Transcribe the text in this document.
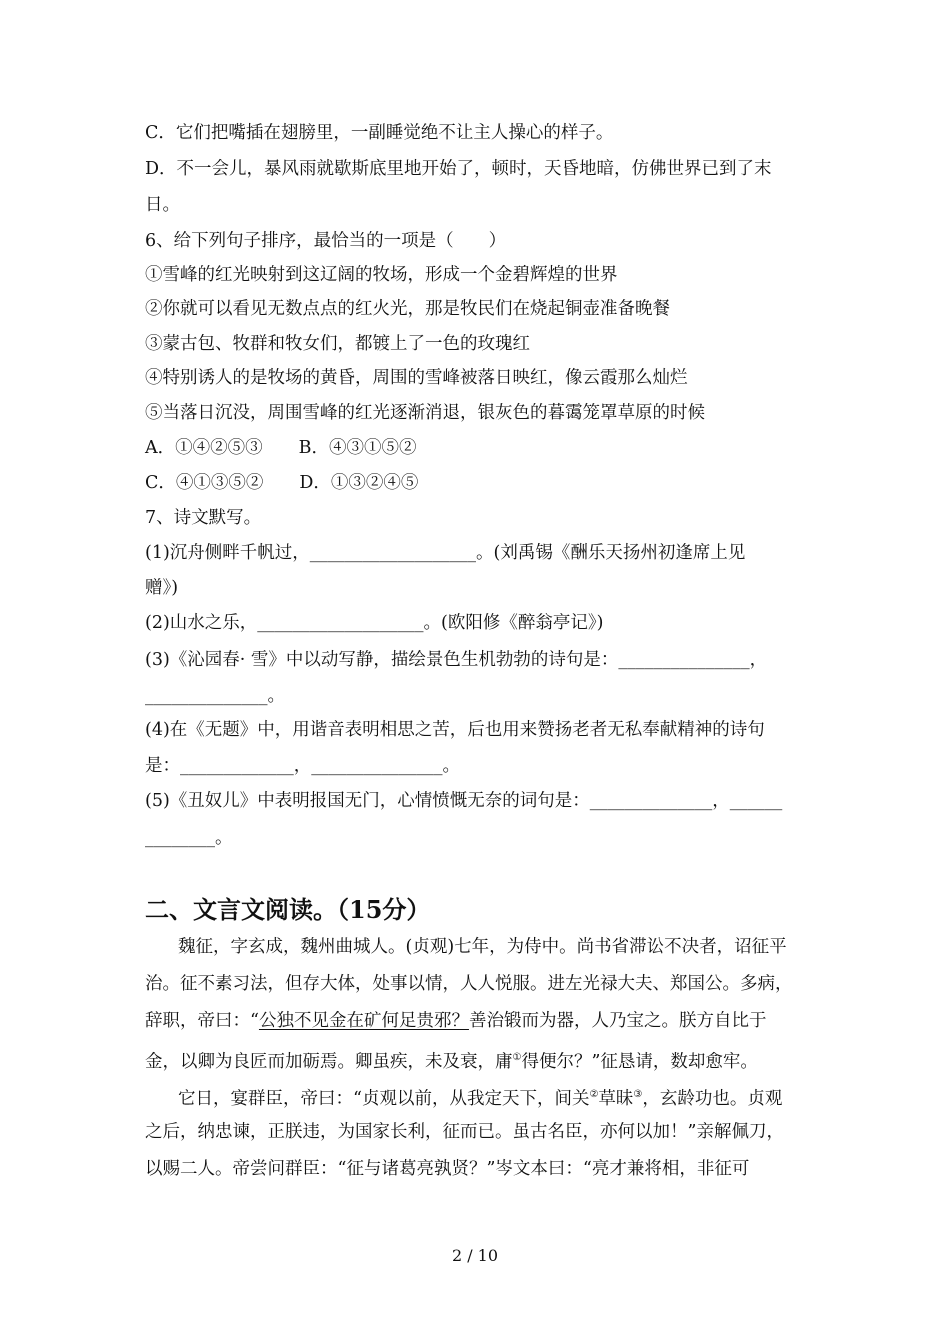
C．它们把嘴插在翅膀里，一副睡觉绝不让主人操心的样子。
D．不一会儿，暴风雨就歇斯底里地开始了，顿时，天昏地暗，仿佛世界已到了末
日。
6、给下列句子排序，最恰当的一项是（　　）
①雪峰的红光映射到这辽阔的牧场，形成一个金碧辉煌的世界
②你就可以看见无数点点的红火光，那是牧民们在烧起铜壶准备晚餐
③蒙古包、牧群和牧女们，都镀上了一色的玫瑰红
④特别诱人的是牧场的黄昏，周围的雪峰被落日映红，像云霞那么灿烂
⑤当落日沉没，周围雪峰的红光逐渐消退，银灰色的暮霭笼罩草原的时候
A．①④②⑤③ B．④③①⑤②
C．④①③⑤② D．①③②④⑤
7、诗文默写。
(1)沉舟侧畔千帆过，___________________。(刘禹锡《酬乐天扬州初逢席上见
赠》)
(2)山水之乐，___________________。(欧阳修《醉翁亭记》)
(3)《沁园春· 雪》中以动写静，描绘景色生机勃勃的诗句是：_______________，
______________。
(4)在《无题》中，用谐音表明相思之苦，后也用来赞扬老者无私奉献精神的诗句
是：_____________，_______________。
(5)《丑奴儿》中表明报国无门，心情愤慨无奈的词句是：______________，______
________。
二、文言文阅读。（15分）
魏征，字玄成，魏州曲城人。(贞观)七年，为侍中。尚书省滞讼不决者，诏征平
治。征不素习法，但存大体，处事以情，人人悦服。进左光禄大夫、郑国公。多病，
辞职，帝曰：“公独不见金在矿何足贵邪？善治锻而为器，人乃宝之。朕方自比于
金，以卿为良匠而加砺焉。卿虽疾，未及衰，庸①得便尔？”征恳请，数却愈牢。
它日，宴群臣，帝曰：“贞观以前，从我定天下，间关②草昧③，玄龄功也。贞观
之后，纳忠谏，正朕违，为国家长利，征而已。虽古名臣，亦何以加！”亲解佩刀，
以赐二人。帝尝问群臣：“征与诸葛亮孰贤？”岑文本曰：“亮才兼将相，非征可
2 / 10
